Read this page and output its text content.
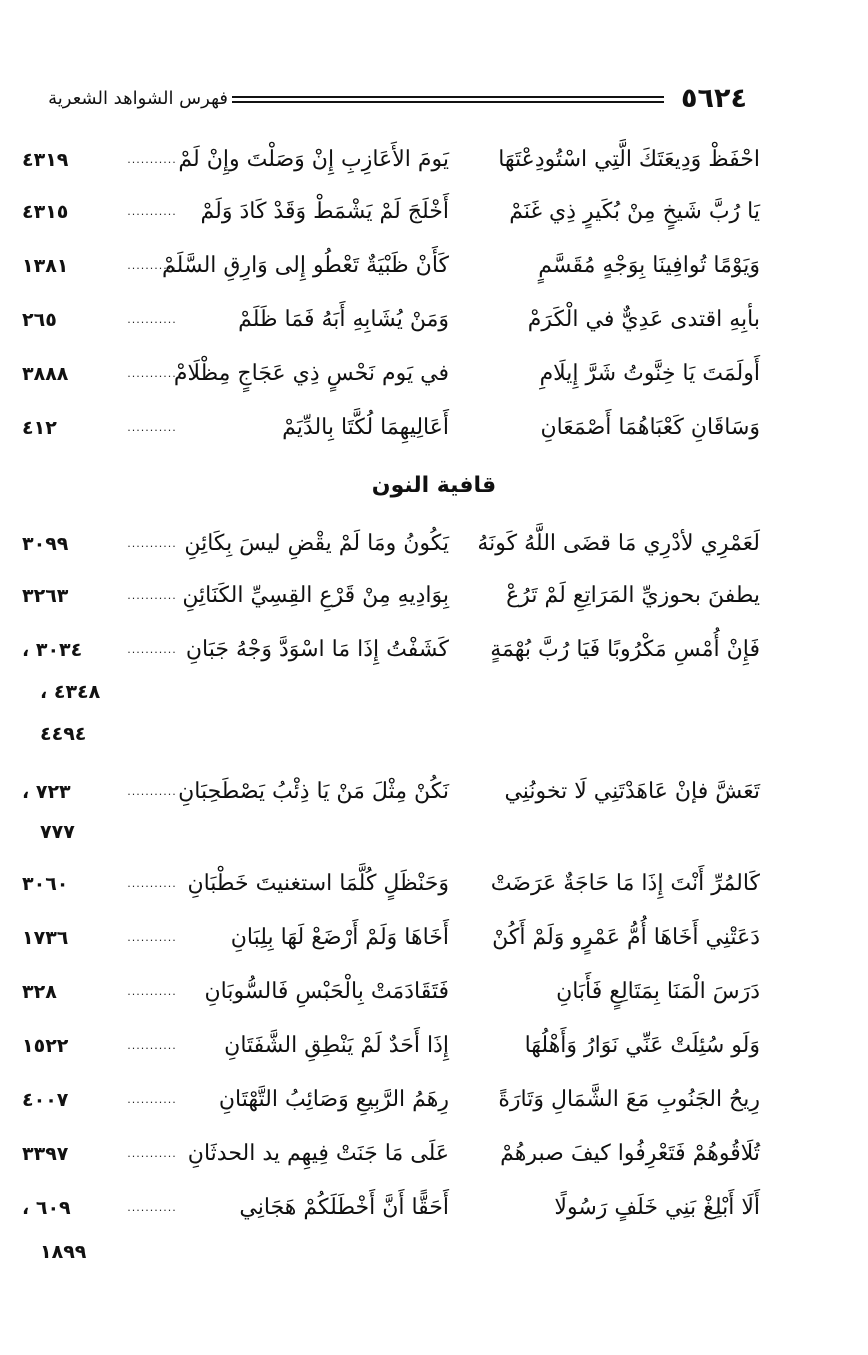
٥٦٢٤
فهرس الشواهد الشعرية
احْفَظْ وَدِيعَتَكَ الَّتِي اسْتُودِعْتَهَا
يَومَ الأَعَازِبِ إِنْ وَصَلْتَ وإِنْ لَمْ
...........
٤٣١٩
يَا رُبَّ شَيخٍ مِنْ بُكَيرٍ ذِي غَنَمْ
أَخْلَجَ لَمْ يَشْمَطْ وَقَدْ كَادَ وَلَمْ
...........
٤٣١٥
وَيَوْمًا تُوافِينَا بِوَجْهٍ مُقَسَّمٍ
كَأَنْ ظَبْيَةٌ تَعْطُو إِلى وَارِقِ السَّلَمْ
...........
١٣٨١
بأبِهِ اقتدى عَدِيٌّ في الْكَرَمْ
وَمَنْ يُشَابِهِ أَبَهُ فَمَا ظَلَمْ
...........
٢٦٥
أَولَمَتَ يَا خِنَّوتُ شَرَّ إِيلَامِ
في يَوم نَحْسٍ ذِي عَجَاجٍ مِظْلَامْ
...........
٣٨٨٨
وَسَاقَانِ كَعْبَاهُمَا أَصْمَعَانِ
أَعَالِيهِمَا لُكَّتَا بِالدِّيَمْ
...........
٤١٢
قافية النون
لَعَمْرِي لأدْرِي مَا قضَى اللَّهُ كَونَهُ
يَكُونُ ومَا لَمْ يقْضِ ليسَ بِكَائِنِ
...........
٣٠٩٩
يطفنَ بحوزيِّ المَرَاتِعِ لَمْ تَرُعْ
بِوَادِيهِ مِنْ قَرْعِ القِسِيِّ الكَنَائِنِ
...........
٣٢٦٣
فَإِنْ أُمْسِ مَكْرُوبًا فَيَا رُبَّ بُهْمَةٍ
كَشَفْتُ إِذَا مَا اسْوَدَّ وَجْهُ جَبَانِ
...........
٣٠٣٤ ،
٤٣٤٨ ،
٤٤٩٤
تَعَشَّ فإنْ عَاهَدْتَنِي لَا تخونُنِي
نَكُنْ مِثْلَ مَنْ يَا ذِئْبُ يَصْطَحِبَانِ
...........
٧٢٣ ،
٧٧٧
كَالمُرِّ أَنْتَ إِذَا مَا حَاجَةٌ عَرَضَتْ
وَحَنْظَلٍ كُلَّمَا استغنيتَ خَطْبَانِ
...........
٣٠٦٠
دَعَتْنِي أَخَاهَا أُمُّ عَمْرٍو وَلَمْ أَكُنْ
أَخَاهَا وَلَمْ أَرْضَعْ لَهَا بِلِبَانِ
...........
١٧٣٦
دَرَسَ الْمَنَا بِمَتَالِعٍ فَأَبَانِ
فَتَقَادَمَتْ بِالْحَبْسِ فَالسُّوبَانِ
...........
٣٢٨
وَلَو سُئِلَتْ عَنِّي نَوَارُ وَأَهْلُهَا
إِذَا أَحَدٌ لَمْ يَنْطِقِ الشَّفَتَانِ
...........
١٥٢٢
رِيحُ الجَنُوبِ مَعَ الشَّمَالِ وَتَارَةً
رِهَمُ الرَّبِيعِ وَصَائِبُ التَّهْتَانِ
...........
٤٠٠٧
تُلَاقُوهُمْ فَتَعْرِفُوا كيفَ صبرهُمْ
عَلَى مَا جَنَتْ فِيهِم يد الحدثَانِ
...........
٣٣٩٧
أَلَا أَبْلِغْ بَنِي خَلَفٍ رَسُولًا
أَحَقًّا أَنَّ أَخْطَلَكُمْ هَجَانِي
...........
٦٠٩ ،
١٨٩٩
